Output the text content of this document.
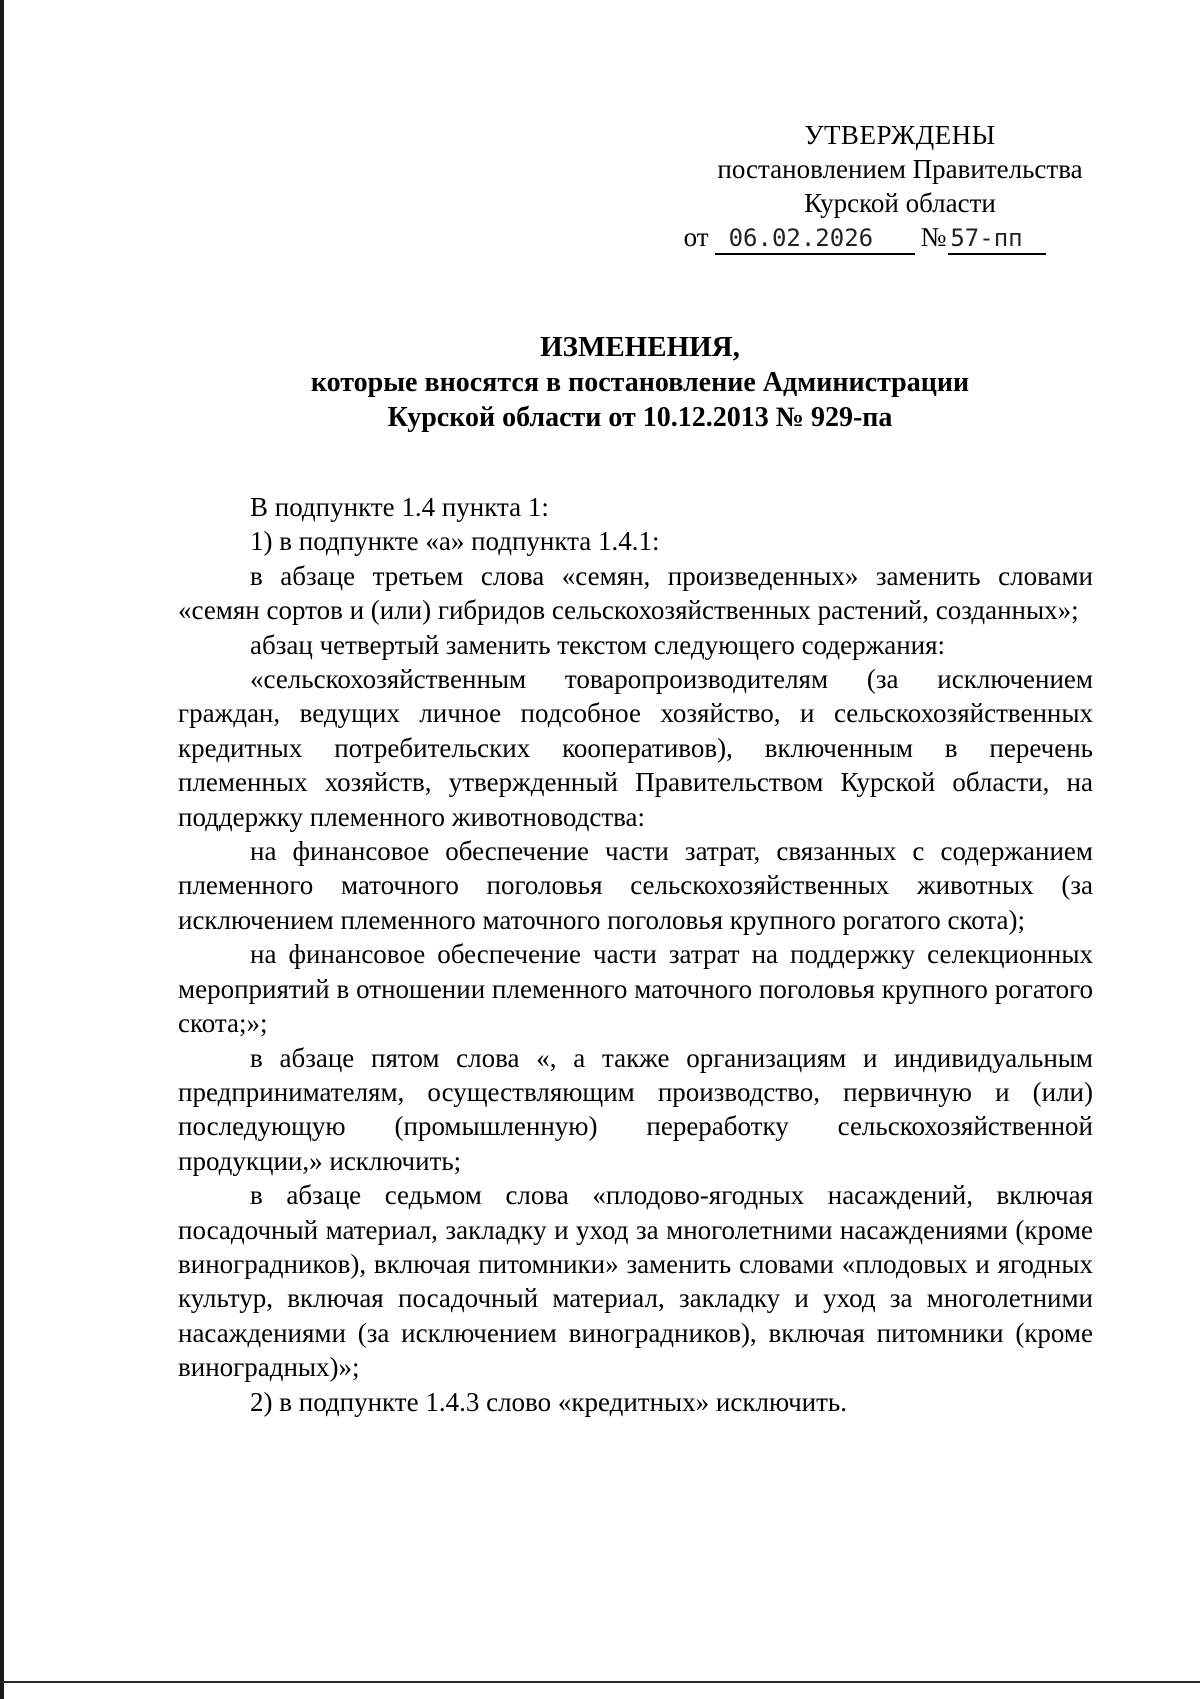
УТВЕРЖДЕНЫ
постановлением Правительства
Курской области
от 06.02.2026	№ 57-пп
ИЗМЕНЕНИЯ,
которые вносятся в постановление Администрации
Курской области от 10.12.2013 № 929-па

В подпункте 1.4 пункта 1:

1) в подпункте «а» подпункта 1.4.1:

в абзаце третьем слова «семян, произведенных» заменить словами «семян сортов и (или) гибридов сельскохозяйственных растений, созданных»;

абзац четвертый заменить текстом следующего содержания:

«сельскохозяйственным товаропроизводителям (за исключением граждан, ведущих личное подсобное хозяйство, и сельскохозяйственных кредитных потребительских кооперативов), включенным в перечень племенных хозяйств, утвержденный Правительством Курской области, на поддержку племенного животноводства:

на финансовое обеспечение части затрат, связанных с содержанием племенного маточного поголовья сельскохозяйственных животных (за исключением племенного маточного поголовья крупного рогатого скота);

на финансовое обеспечение части затрат на поддержку селекционных мероприятий в отношении племенного маточного поголовья крупного рогатого скота;»;

в абзаце пятом слова «, а также организациям и индивидуальным предпринимателям, осуществляющим производство, первичную и (или) последующую (промышленную) переработку сельскохозяйственной продукции,» исключить;

в абзаце седьмом слова «плодово-ягодных насаждений, включая посадочный материал, закладку и уход за многолетними насаждениями (кроме виноградников), включая питомники» заменить словами «плодовых и ягодных культур, включая посадочный материал, закладку и уход за многолетними насаждениями (за исключением виноградников), включая питомники (кроме виноградных)»;

2) в подпункте 1.4.3 слово «кредитных» исключить.
